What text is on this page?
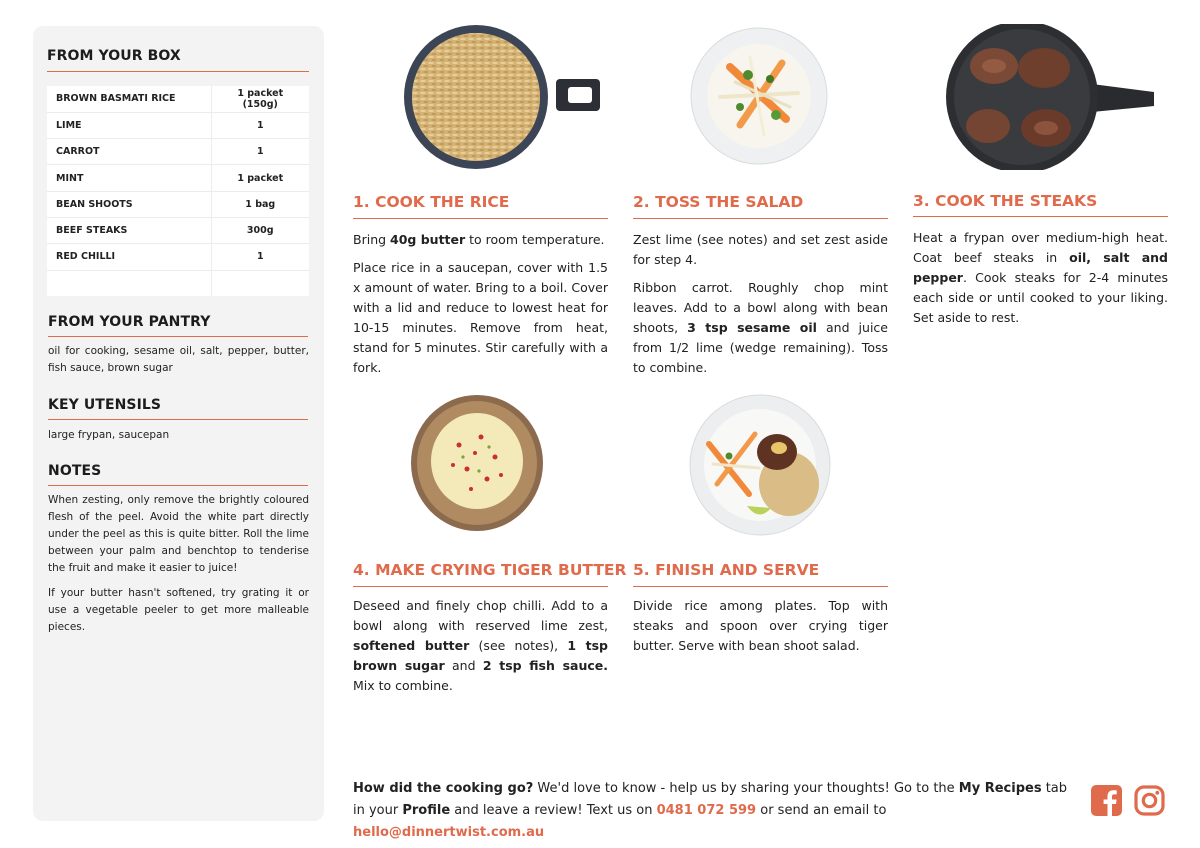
FROM YOUR BOX
BROWN BASMATI RICE	1 packet (150g)
LIME	1
CARROT	1
MINT	1 packet
BEAN SHOOTS	1 bag
BEEF STEAKS	300g
RED CHILLI	1

FROM YOUR PANTRY
oil for cooking, sesame oil, salt, pepper, butter, fish sauce, brown sugar
KEY UTENSILS
large frypan, saucepan
NOTES
When zesting, only remove the brightly coloured flesh of the peel. Avoid the white part directly under the peel as this is quite bitter. Roll the lime between your palm and benchtop to tenderise the fruit and make it easier to juice!
If your butter hasn't softened, try grating it or use a vegetable peeler to get more malleable pieces.
1. COOK THE RICE

Bring 40g butter to room temperature.

Place rice in a saucepan, cover with 1.5 x amount of water. Bring to a boil. Cover with a lid and reduce to lowest heat for 10-15 minutes. Remove from heat, stand for 5 minutes. Stir carefully with a fork.

2. TOSS THE SALAD

Zest lime (see notes) and set zest aside for step 4.

Ribbon carrot. Roughly chop mint leaves. Add to a bowl along with bean shoots, 3 tsp sesame oil and juice from 1/2 lime (wedge remaining). Toss to combine.

3. COOK THE STEAKS

Heat a frypan over medium-high heat. Coat beef steaks in oil, salt and pepper. Cook steaks for 2-4 minutes each side or until cooked to your liking. Set aside to rest.

4. MAKE CRYING TIGER BUTTER

Deseed and finely chop chilli. Add to a bowl along with reserved lime zest, softened butter (see notes), 1 tsp brown sugar and 2 tsp fish sauce. Mix to combine.

5. FINISH AND SERVE

Divide rice among plates. Top with steaks and spoon over crying tiger butter. Serve with bean shoot salad.

How did the cooking go? We'd love to know - help us by sharing your thoughts! Go to the My Recipes tab in your Profile and leave a review! Text us on 0481 072 599 or send an email to hello@dinnertwist.com.au
